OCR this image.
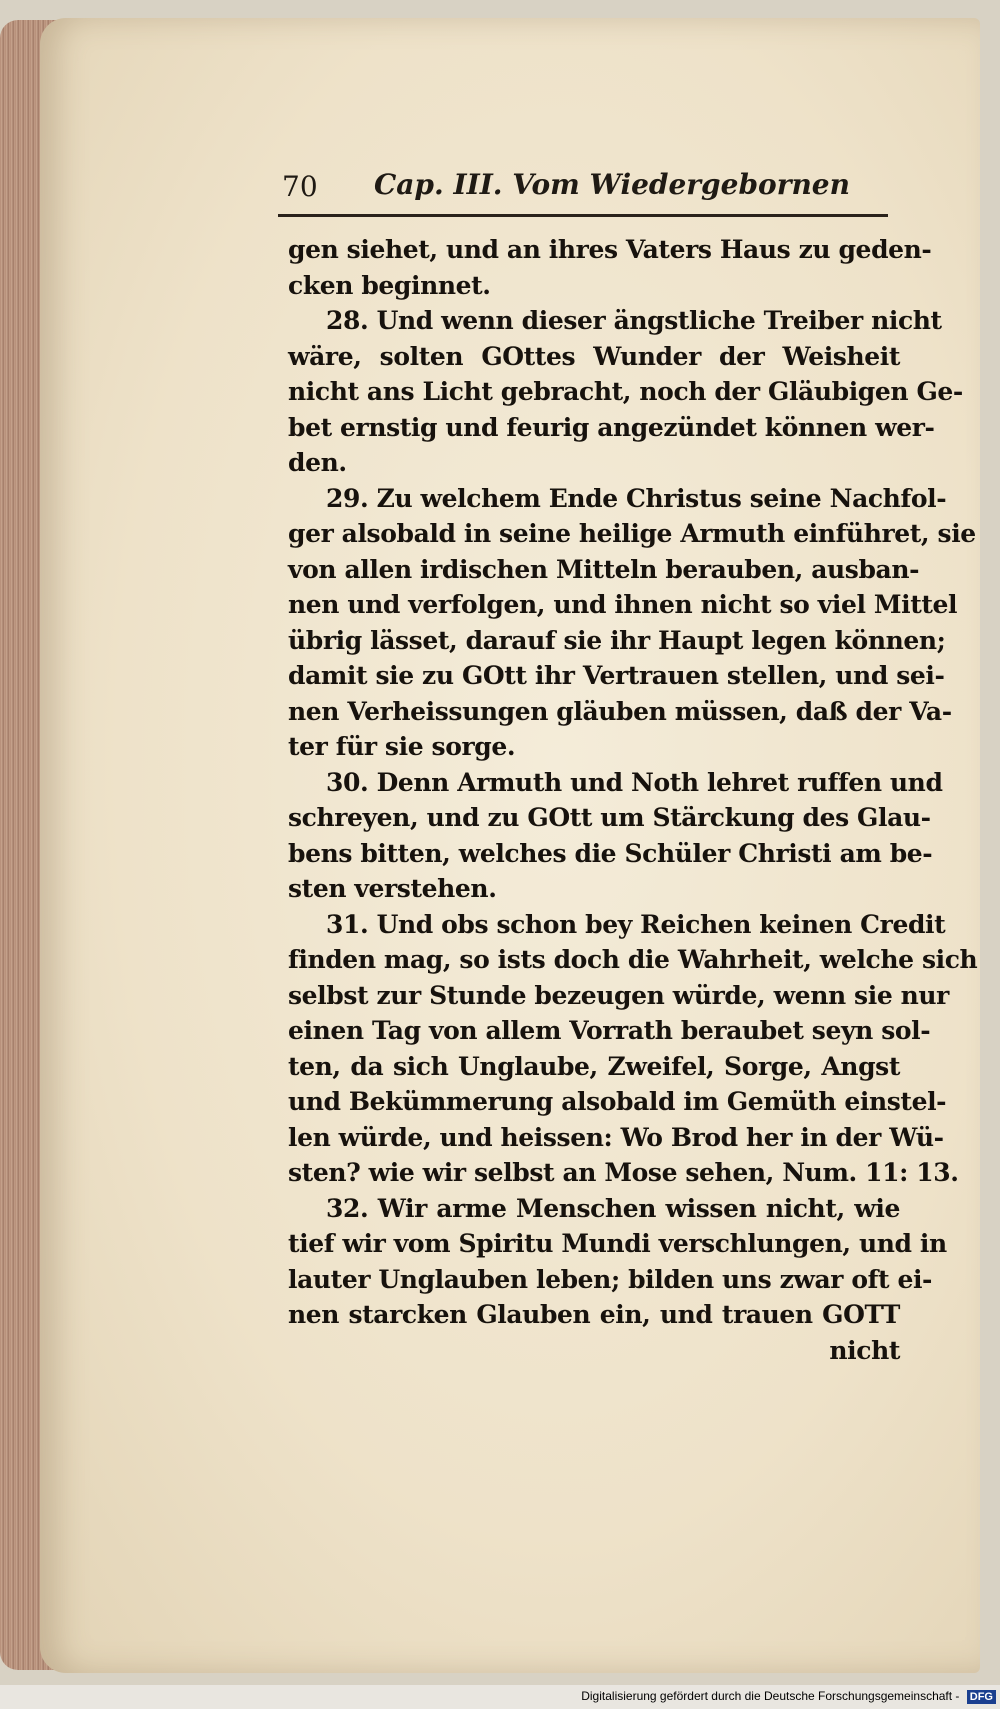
70 Cap. III. Vom Wiedergebornen
gen siehet, und an ihres Vaters Haus zu geden-
cken beginnet.
28. Und wenn dieser ängstliche Treiber nicht
wäre, solten GOttes Wunder der Weisheit
nicht ans Licht gebracht, noch der Gläubigen Ge-
bet ernstig und feurig angezündet können wer-
den.
29. Zu welchem Ende Christus seine Nachfol-
ger alsobald in seine heilige Armuth einführet, sie
von allen irdischen Mitteln berauben, ausban-
nen und verfolgen, und ihnen nicht so viel Mittel
übrig lässet, darauf sie ihr Haupt legen können;
damit sie zu GOtt ihr Vertrauen stellen, und sei-
nen Verheissungen gläuben müssen, daß der Va-
ter für sie sorge.
30. Denn Armuth und Noth lehret ruffen und
schreyen, und zu GOtt um Stärckung des Glau-
bens bitten, welches die Schüler Christi am be-
sten verstehen.
31. Und obs schon bey Reichen keinen Credit
finden mag, so ists doch die Wahrheit, welche sich
selbst zur Stunde bezeugen würde, wenn sie nur
einen Tag von allem Vorrath beraubet seyn sol-
ten, da sich Unglaube, Zweifel, Sorge, Angst
und Bekümmerung alsobald im Gemüth einstel-
len würde, und heissen: Wo Brod her in der Wü-
sten? wie wir selbst an Mose sehen, Num. 11: 13.
32. Wir arme Menschen wissen nicht, wie
tief wir vom Spiritu Mundi verschlungen, und in
lauter Unglauben leben; bilden uns zwar oft ei-
nen starcken Glauben ein, und trauen GOTT
nicht
Digitalisierung gefördert durch die Deutsche Forschungsgemeinschaft - DFG
